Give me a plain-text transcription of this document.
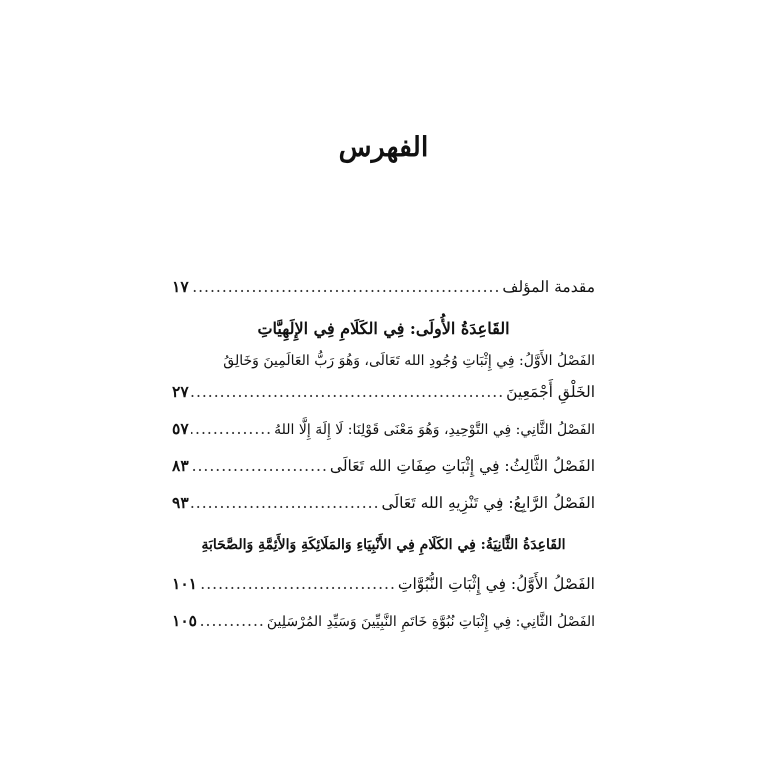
الفهرس
مقدمة المؤلف
.....
١٧
القَاعِدَةُ الأُولَى: فِي الكَلَامِ فِي الإِلَهِيَّاتِ
الفَصْلُ الأَوَّلُ: فِي إِثْبَاتِ وُجُودِ الله تَعَالَى، وَهُوَ رَبُّ العَالَمِينَ وَخَالِقُ
الخَلْقِ أَجْمَعِينَ
.....
٢٧
الفَصْلُ الثَّانِي: فِي التَّوْحِيدِ، وَهُوَ مَعْنَى قَوْلِنَا: لَا إِلَهَ إِلَّا اللهُ
.....
٥٧
الفَصْلُ الثَّالِثُ: فِي إِثْبَاتِ صِفَاتِ الله تَعَالَى
.....
٨٣
الفَصْلُ الرَّابِعُ: فِي تَنْزِيهِ الله تَعَالَى
.....
٩٣
القَاعِدَةُ الثَّانِيَةُ: فِي الكَلَامِ فِي الأَنْبِيَاءِ وَالمَلَائِكَةِ وَالأَئِمَّةِ وَالصَّحَابَةِ
الفَصْلُ الأَوَّلُ: فِي إِثْبَاتِ النُّبُوَّاتِ
.....
١٠١
الفَصْلُ الثَّانِي: فِي إِثْبَاتِ نُبُوَّةِ خَاتَمِ النَّبِيِّينَ وَسَيِّدِ المُرْسَلِينَ
.....
١٠٥
